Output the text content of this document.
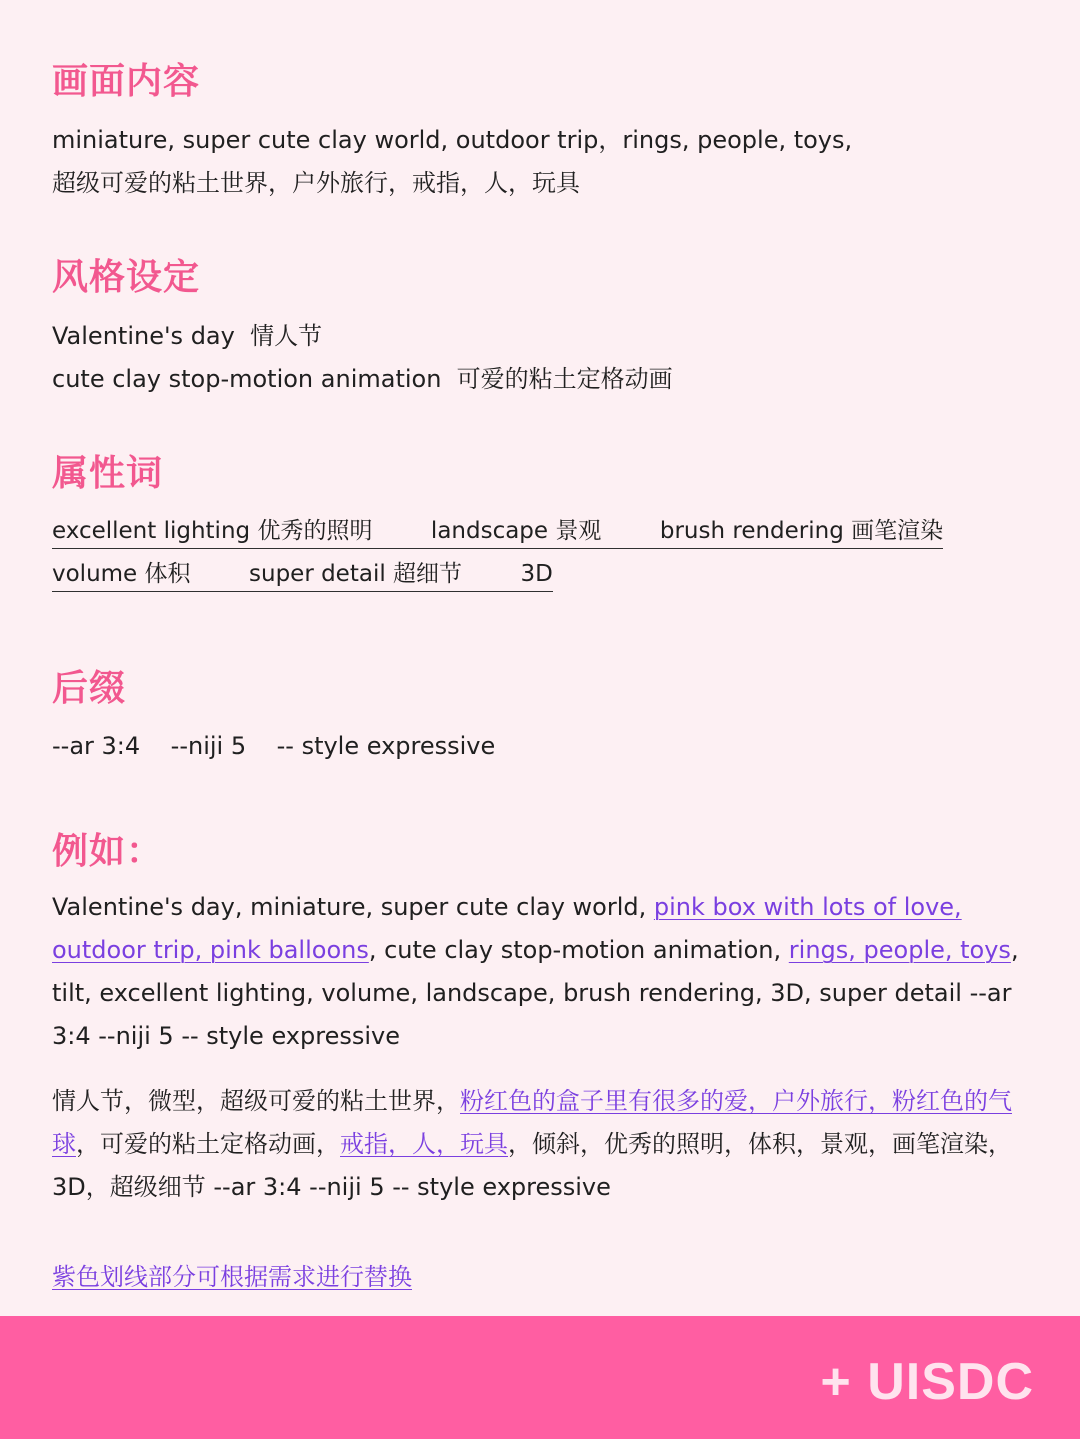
画面内容
miniature, super cute clay world, outdoor trip，rings, people, toys,
超级可爱的粘土世界，户外旅行，戒指，人，玩具
风格设定
Valentine's day  情人节
cute clay stop-motion animation  可爱的粘土定格动画
属性词
excellent lighting 优秀的照明        landscape 景观        brush rendering 画笔渲染
volume 体积        super detail 超细节        3D
后缀
--ar 3:4    --niji 5    -- style expressive
例如：
Valentine's day, miniature, super cute clay world, pink box with lots of love, outdoor trip, pink balloons, cute clay stop-motion animation, rings, people, toys, tilt, excellent lighting, volume, landscape, brush rendering, 3D, super detail --ar 3:4 --niji 5 -- style expressive
情人节，微型，超级可爱的粘土世界，粉红色的盒子里有很多的爱，户外旅行，粉红色的气球，可爱的粘土定格动画，戒指，人，玩具，倾斜，优秀的照明，体积，景观，画笔渲染，3D，超级细节 --ar 3:4 --niji 5 -- style expressive
紫色划线部分可根据需求进行替换
+ UISDC
